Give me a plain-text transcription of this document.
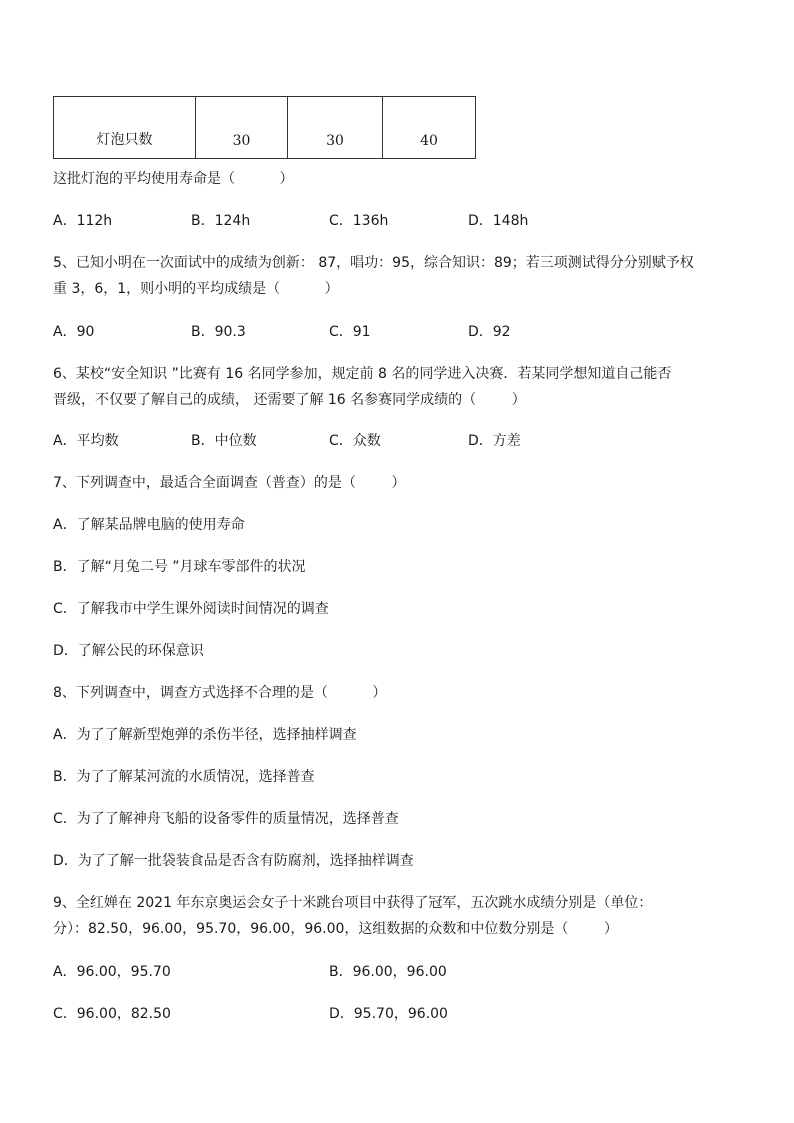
灯泡只数	30	30	40
这批灯泡的平均使用寿命是（          ）
A．112h	B．124h	C．136h	D．148h
5、已知小明在一次面试中的成绩为创新： 87，唱功：95，综合知识：89；若三项测试得分分别赋予权
重 3，6，1，则小明的平均成绩是（          ）
A．90	B．90.3	C．91	D．92
6、某校“安全知识 ”比赛有 16 名同学参加，规定前 8 名的同学进入决赛．若某同学想知道自己能否
晋级，不仅要了解自己的成绩， 还需要了解 16 名参赛同学成绩的（        ）
A．平均数	B．中位数	C．众数	D．方差
7、下列调查中，最适合全面调查（普查）的是（        ）
A．了解某品牌电脑的使用寿命
B．了解“月兔二号 ”月球车零部件的状况
C．了解我市中学生课外阅读时间情况的调查
D．了解公民的环保意识
8、下列调查中，调查方式选择不合理的是（          ）
A．为了了解新型炮弹的杀伤半径，选择抽样调查
B．为了了解某河流的水质情况，选择普查
C．为了了解神舟飞船的设备零件的质量情况，选择普查
D．为了了解一批袋装食品是否含有防腐剂，选择抽样调查
9、全红婵在 2021 年东京奥运会女子十米跳台项目中获得了冠军，五次跳水成绩分别是（单位：
分）：82.50，96.00，95.70，96.00，96.00，这组数据的众数和中位数分别是（        ）
A．96.00，95.70	B．96.00，96.00
C．96.00，82.50	D．95.70，96.00
